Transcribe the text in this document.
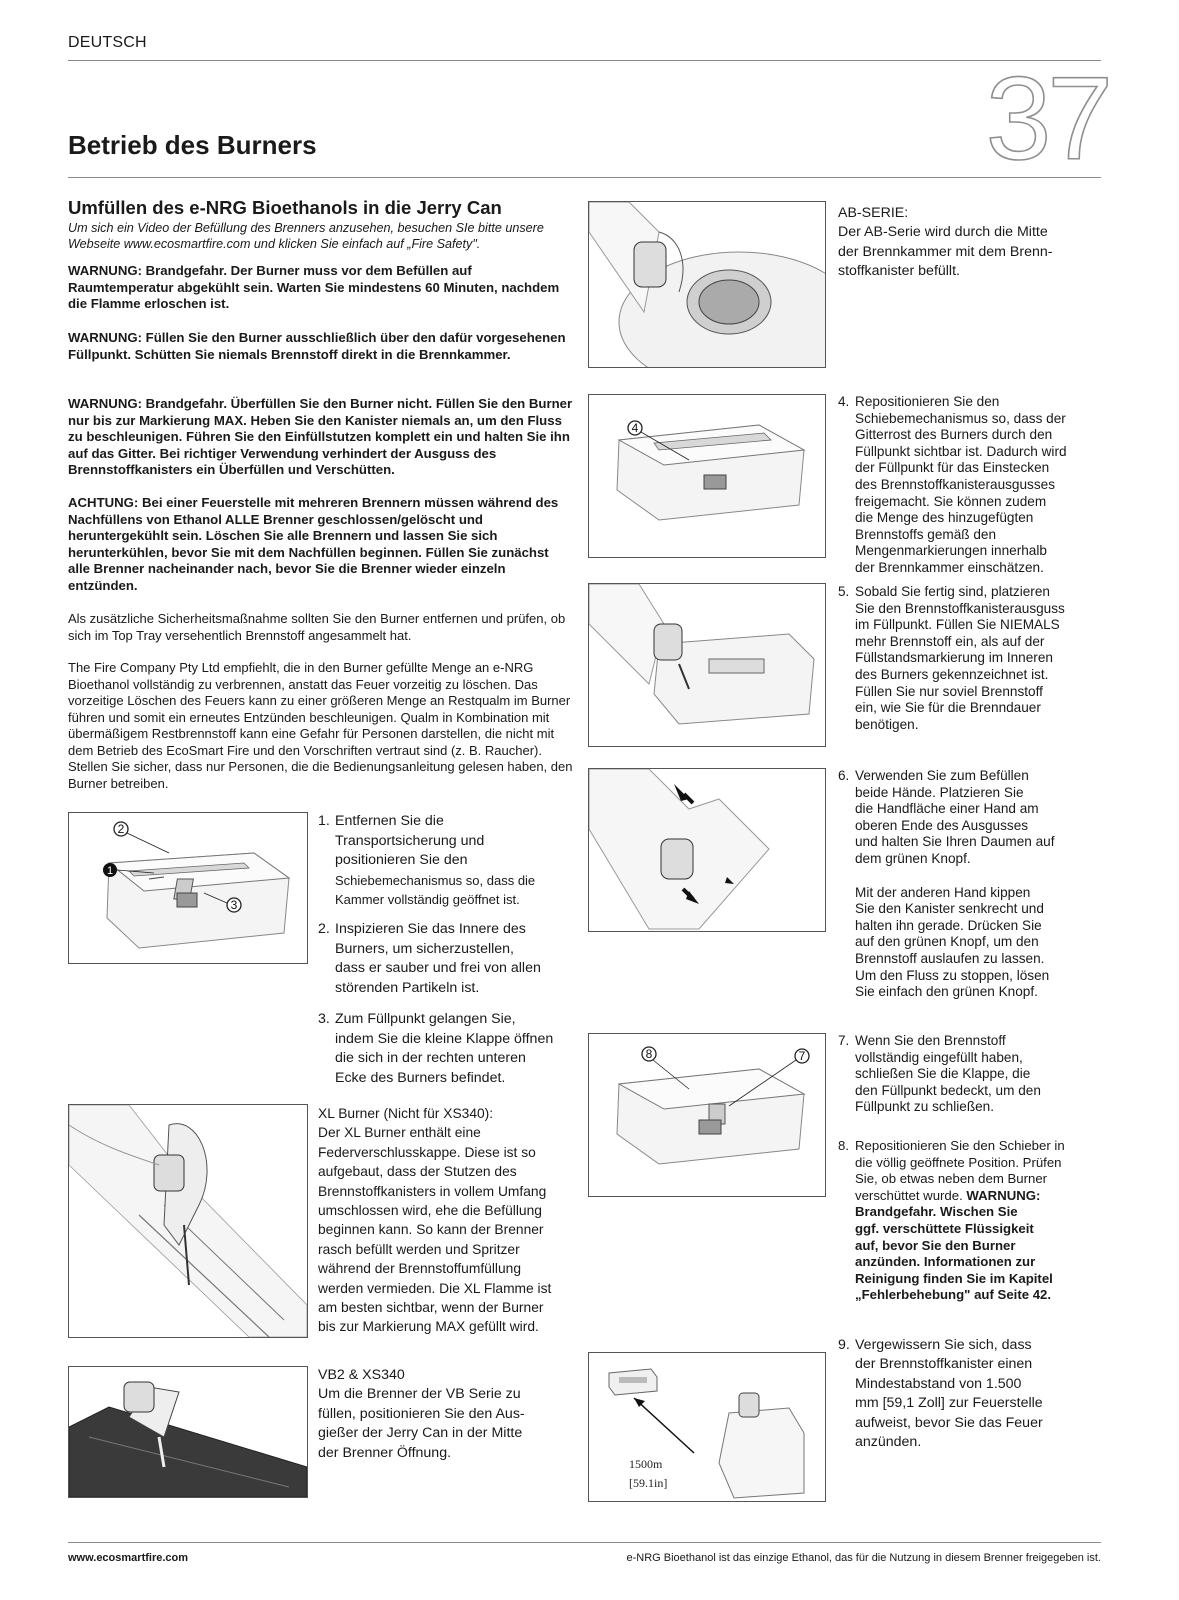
DEUTSCH
37
Betrieb des Burners
Umfüllen des e-NRG Bioethanols in die Jerry Can
Um sich ein Video der Befüllung des Brenners anzusehen, besuchen SIe bitte unsere Webseite www.ecosmartfire.com und klicken Sie einfach auf „Fire Safety".
WARNUNG: Brandgefahr. Der Burner muss vor dem Befüllen auf Raumtemperatur abgekühlt sein. Warten Sie mindestens 60 Minuten, nachdem die Flamme erloschen ist.
WARNUNG: Füllen Sie den Burner ausschließlich über den dafür vorgesehenen Füllpunkt. Schütten Sie niemals Brennstoff direkt in die Brennkammer.
WARNUNG: Brandgefahr. Überfüllen Sie den Burner nicht. Füllen Sie den Burner nur bis zur Markierung MAX. Heben Sie den Kanister niemals an, um den Fluss zu beschleunigen. Führen Sie den Einfüllstutzen komplett ein und halten Sie ihn auf das Gitter. Bei richtiger Verwendung verhindert der Ausguss des Brennstoffkanisters ein Überfüllen und Verschütten.
ACHTUNG: Bei einer Feuerstelle mit mehreren Brennern müssen während des Nachfüllens von Ethanol ALLE Brenner geschlossen/gelöscht und heruntergekühlt sein. Löschen Sie alle Brennern und lassen Sie sich herunterkühlen, bevor Sie mit dem Nachfüllen beginnen. Füllen Sie zunächst alle Brenner nacheinander nach, bevor Sie die Brenner wieder einzeln entzünden.
Als zusätzliche Sicherheitsmaßnahme sollten Sie den Burner entfernen und prüfen, ob sich im Top Tray versehentlich Brennstoff angesammelt hat.
The Fire Company Pty Ltd empfiehlt, die in den Burner gefüllte Menge an e-NRG Bioethanol vollständig zu verbrennen, anstatt das Feuer vorzeitig zu löschen. Das vorzeitige Löschen des Feuers kann zu einer größeren Menge an Restqualm im Burner führen und somit ein erneutes Entzünden beschleunigen. Qualm in Kombination mit übermäßigem Restbrennstoff kann eine Gefahr für Personen darstellen, die nicht mit dem Betrieb des EcoSmart Fire und den Vorschriften vertraut sind (z. B. Raucher). Stellen Sie sicher, dass nur Personen, die die Bedienungsanleitung gelesen haben, den Burner betreiben.
2
1
3
1. Entfernen Sie die
Transportsicherung und
positionieren Sie den
Schiebemechanismus so, dass die
Kammer vollständig geöffnet ist.
2. Inspizieren Sie das Innere des
Burners, um sicherzustellen,
dass er sauber und frei von allen
störenden Partikeln ist.
3. Zum Füllpunkt gelangen Sie,
indem Sie die kleine Klappe öffnen
die sich in der rechten unteren
Ecke des Burners befindet.
XL Burner (Nicht für XS340):
Der XL Burner enthält eine
Federverschlusskappe. Diese ist so
aufgebaut, dass der Stutzen des
Brennstoffkanisters in vollem Umfang
umschlossen wird, ehe die Befüllung
beginnen kann. So kann der Brenner
rasch befüllt werden und Spritzer
während der Brennstoffumfüllung
werden vermieden. Die XL Flamme ist
am besten sichtbar, wenn der Burner
bis zur Markierung MAX gefüllt wird.
VB2 & XS340
Um die Brenner der VB Serie zu
füllen, positionieren Sie den Aus-
gießer der Jerry Can in der Mitte
der Brenner Öffnung.
AB-SERIE:
Der AB-Serie wird durch die Mitte
der Brennkammer mit dem Brenn-
stoffkanister befüllt.
4
8	7
1500m
[59.1in]
4. Repositionieren Sie den
Schiebemechanismus so, dass der
Gitterrost des Burners durch den
Füllpunkt sichtbar ist. Dadurch wird
der Füllpunkt für das Einstecken
des Brennstoffkanisterausgusses
freigemacht. Sie können zudem
die Menge des hinzugefügten
Brennstoffs gemäß den
Mengenmarkierungen innerhalb
der Brennkammer einschätzen.
5. Sobald Sie fertig sind, platzieren
Sie den Brennstoffkanisterausguss
im Füllpunkt. Füllen Sie NIEMALS
mehr Brennstoff ein, als auf der
Füllstandsmarkierung im Inneren
des Burners gekennzeichnet ist.
Füllen Sie nur soviel Brennstoff
ein, wie Sie für die Brenndauer
benötigen.
6. Verwenden Sie zum Befüllen
beide Hände. Platzieren Sie
die Handfläche einer Hand am
oberen Ende des Ausgusses
und halten Sie Ihren Daumen auf
dem grünen Knopf.
Mit der anderen Hand kippen
Sie den Kanister senkrecht und
halten ihn gerade. Drücken Sie
auf den grünen Knopf, um den
Brennstoff auslaufen zu lassen.
Um den Fluss zu stoppen, lösen
Sie einfach den grünen Knopf.
7. Wenn Sie den Brennstoff
vollständig eingefüllt haben,
schließen Sie die Klappe, die
den Füllpunkt bedeckt, um den
Füllpunkt zu schließen.
8. Repositionieren Sie den Schieber in
die völlig geöffnete Position. Prüfen
Sie, ob etwas neben dem Burner
verschüttet wurde. WARNUNG:
Brandgefahr. Wischen Sie
ggf. verschüttete Flüssigkeit
auf, bevor Sie den Burner
anzünden. Informationen zur
Reinigung finden Sie im Kapitel
„Fehlerbehebung" auf Seite 42.
9. Vergewissern Sie sich, dass
der Brennstoffkanister einen
Mindestabstand von 1.500
mm [59,1 Zoll] zur Feuerstelle
aufweist, bevor Sie das Feuer
anzünden.
www.ecosmartfire.com	e-NRG Bioethanol ist das einzige Ethanol, das für die Nutzung in diesem Brenner freigegeben ist.
